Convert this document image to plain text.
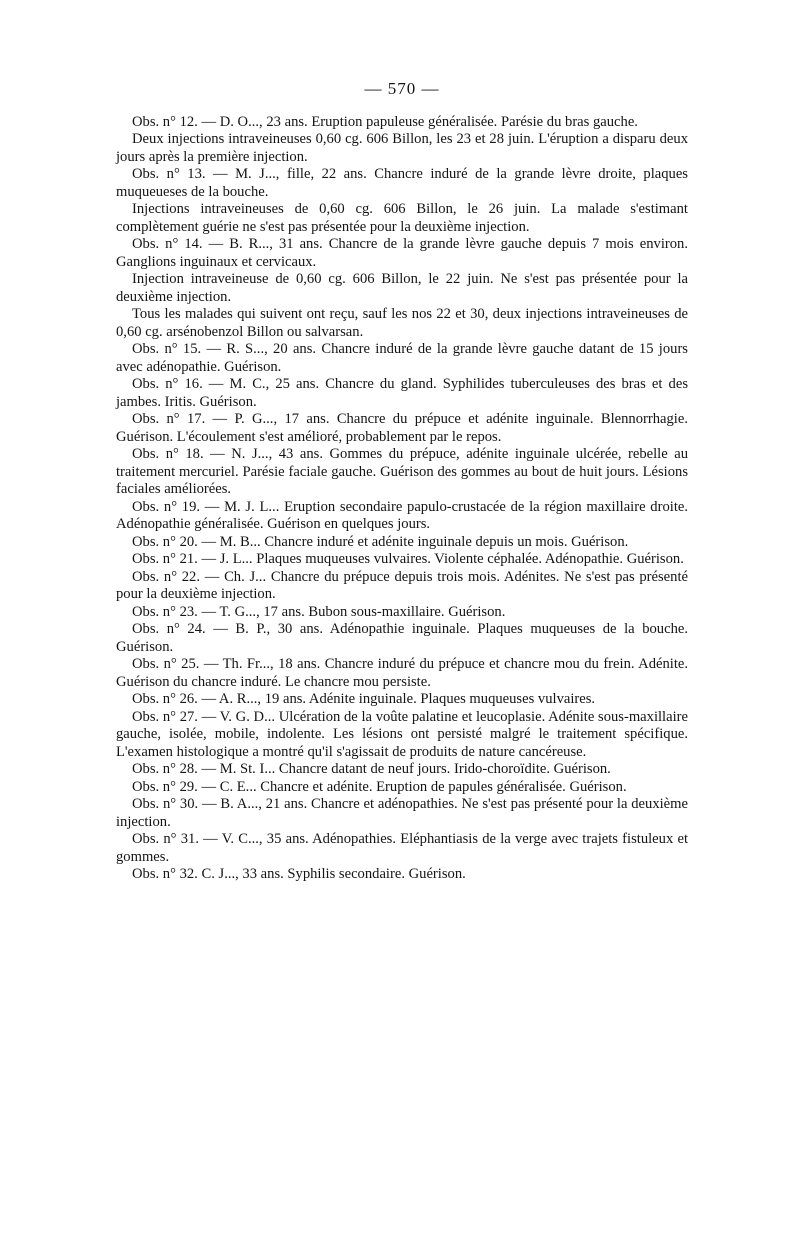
— 570 —

Obs. n° 12. — D. O..., 23 ans. Eruption papuleuse généralisée. Parésie du bras gauche.

Deux injections intraveineuses 0,60 cg. 606 Billon, les 23 et 28 juin. L'éruption a disparu deux jours après la première injection.

Obs. n° 13. — M. J..., fille, 22 ans. Chancre induré de la grande lèvre droite, plaques muqueueses de la bouche.

Injections intraveineuses de 0,60 cg. 606 Billon, le 26 juin. La malade s'estimant complètement guérie ne s'est pas présentée pour la deuxième injection.

Obs. n° 14. — B. R..., 31 ans. Chancre de la grande lèvre gauche depuis 7 mois environ. Ganglions inguinaux et cervicaux.

Injection intraveineuse de 0,60 cg. 606 Billon, le 22 juin. Ne s'est pas présentée pour la deuxième injection.

Tous les malades qui suivent ont reçu, sauf les nos 22 et 30, deux injections intraveineuses de 0,60 cg. arsénobenzol Billon ou salvarsan.

Obs. n° 15. — R. S..., 20 ans. Chancre induré de la grande lèvre gauche datant de 15 jours avec adénopathie. Guérison.

Obs. n° 16. — M. C., 25 ans. Chancre du gland. Syphilides tuberculeuses des bras et des jambes. Iritis. Guérison.

Obs. n° 17. — P. G..., 17 ans. Chancre du prépuce et adénite inguinale. Blennorrhagie. Guérison. L'écoulement s'est amélioré, probablement par le repos.

Obs. n° 18. — N. J..., 43 ans. Gommes du prépuce, adénite inguinale ulcérée, rebelle au traitement mercuriel. Parésie faciale gauche. Guérison des gommes au bout de huit jours. Lésions faciales améliorées.

Obs. n° 19. — M. J. L... Eruption secondaire papulo-crustacée de la région maxillaire droite. Adénopathie généralisée. Guérison en quelques jours.

Obs. n° 20. — M. B... Chancre induré et adénite inguinale depuis un mois. Guérison.

Obs. n° 21. — J. L... Plaques muqueuses vulvaires. Violente céphalée. Adénopathie. Guérison.

Obs. n° 22. — Ch. J... Chancre du prépuce depuis trois mois. Adénites. Ne s'est pas présenté pour la deuxième injection.

Obs. n° 23. — T. G..., 17 ans. Bubon sous-maxillaire. Guérison.

Obs. n° 24. — B. P., 30 ans. Adénopathie inguinale. Plaques muqueuses de la bouche. Guérison.

Obs. n° 25. — Th. Fr..., 18 ans. Chancre induré du prépuce et chancre mou du frein. Adénite. Guérison du chancre induré. Le chancre mou persiste.

Obs. n° 26. — A. R..., 19 ans. Adénite inguinale. Plaques muqueuses vulvaires.

Obs. n° 27. — V. G. D... Ulcération de la voûte palatine et leucoplasie. Adénite sous-maxillaire gauche, isolée, mobile, indolente. Les lésions ont persisté malgré le traitement spécifique. L'examen histologique a montré qu'il s'agissait de produits de nature cancéreuse.

Obs. n° 28. — M. St. I... Chancre datant de neuf jours. Irido-choroïdite. Guérison.

Obs. n° 29. — C. E... Chancre et adénite. Eruption de papules généralisée. Guérison.

Obs. n° 30. — B. A..., 21 ans. Chancre et adénopathies. Ne s'est pas présenté pour la deuxième injection.

Obs. n° 31. — V. C..., 35 ans. Adénopathies. Eléphantiasis de la verge avec trajets fistuleux et gommes.

Obs. n° 32. C. J..., 33 ans. Syphilis secondaire. Guérison.
